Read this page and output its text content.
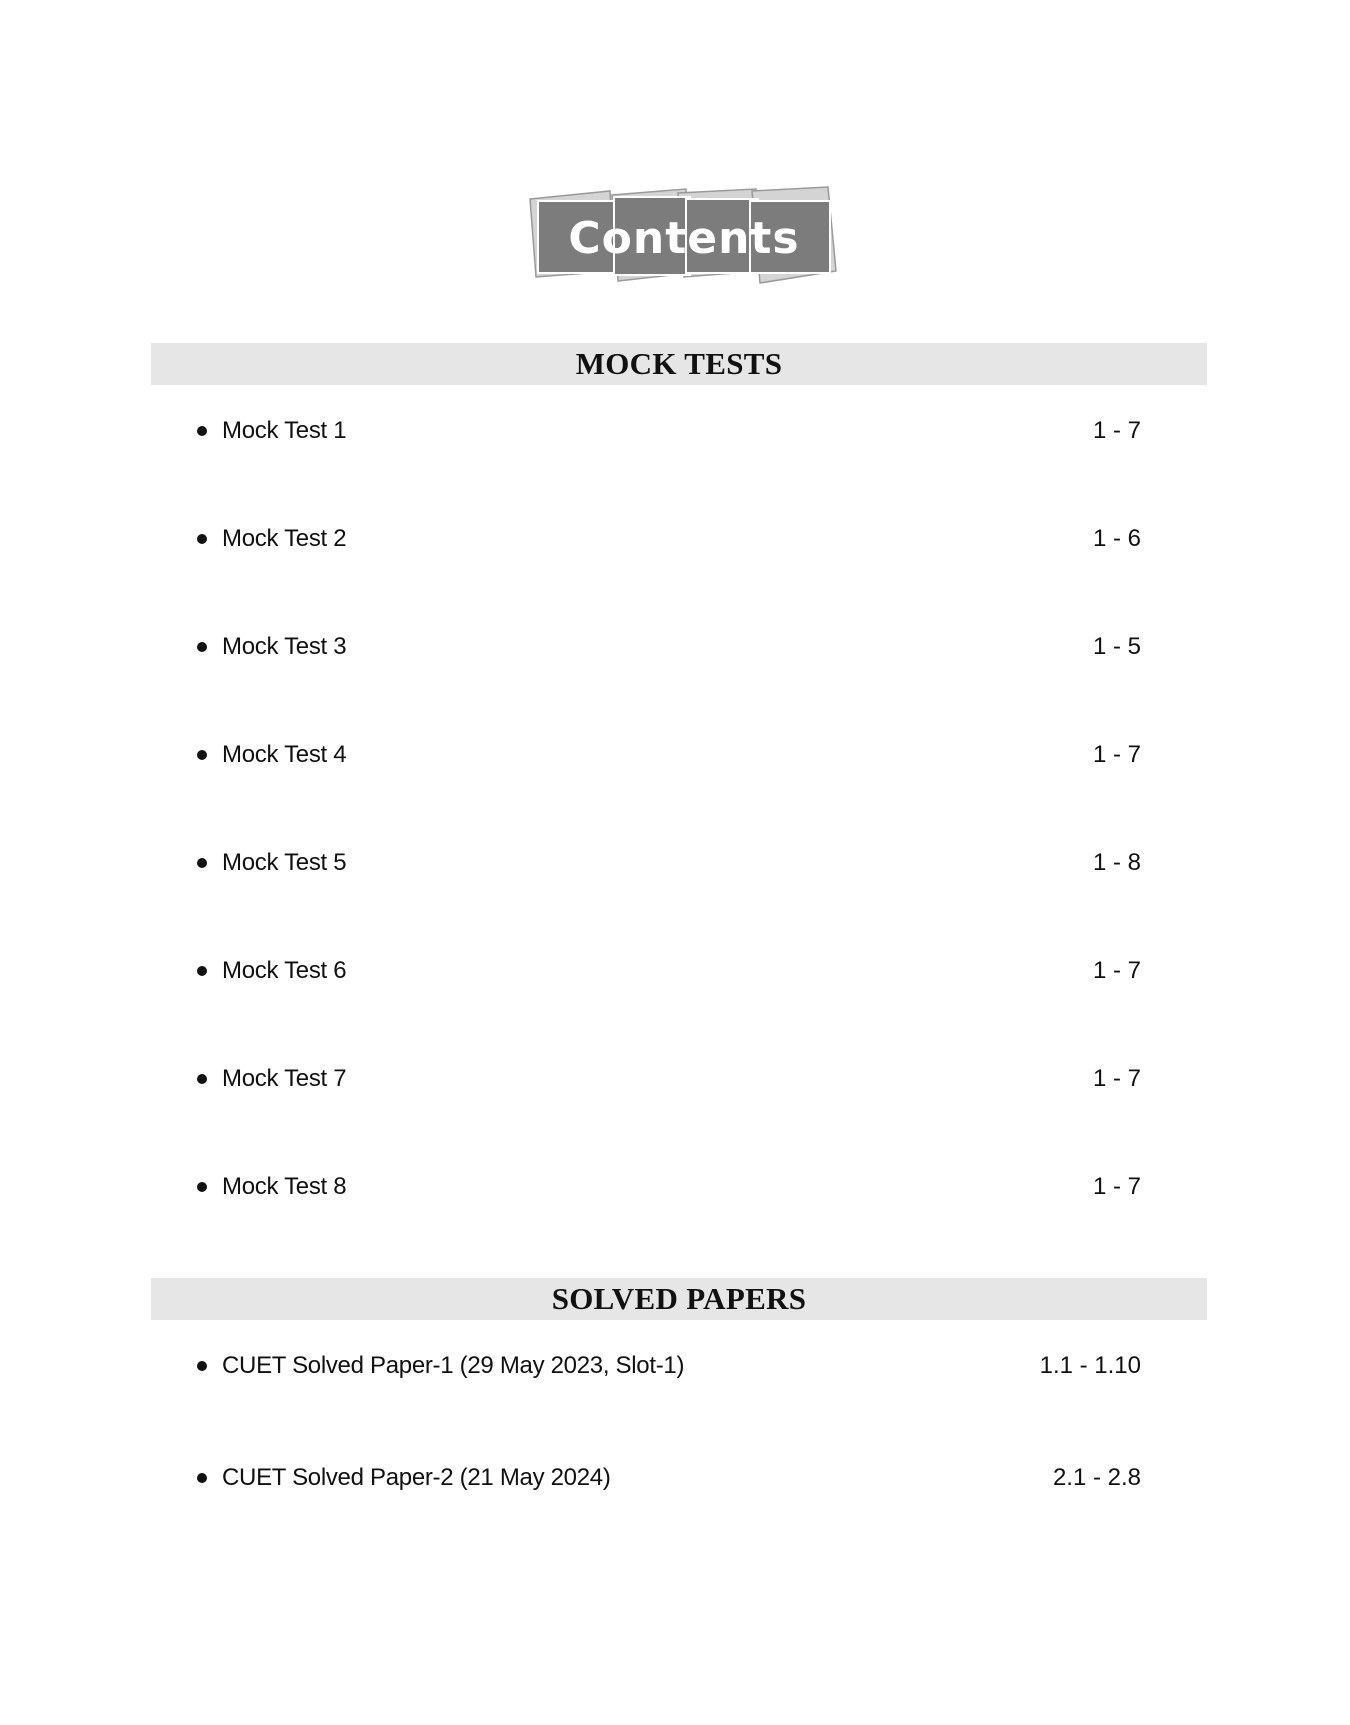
Contents
MOCK TESTS
Mock Test 1	1 - 7
Mock Test 2	1 - 6
Mock Test 3	1 - 5
Mock Test 4	1 - 7
Mock Test 5	1 - 8
Mock Test 6	1 - 7
Mock Test 7	1 - 7
Mock Test 8	1 - 7
SOLVED PAPERS
CUET Solved Paper-1 (29 May 2023, Slot-1)	1.1 - 1.10
CUET Solved Paper-2 (21 May 2024)	2.1 - 2.8
